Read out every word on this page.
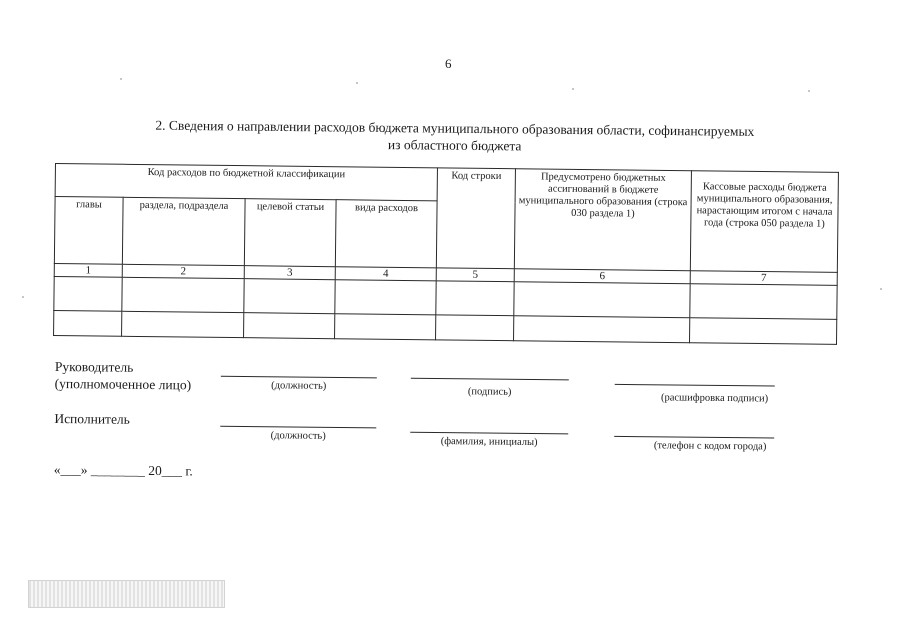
6
2. Сведения о направлении расходов бюджета муниципального образования области, софинансируемых
из областного бюджета
Код расходов по бюджетной классификации				Код строки	Предусмотрено бюджетных ассигнований в бюджете муниципального образования (строка 030 раздела 1)	Кассовые расходы бюджета муниципального образования, нарастающим итогом с начала года (строка 050 раздела 1)
главы	раздела, подраздела	целевой статьи	вида расходов			
1	2	3	4	5	6	7

Руководитель
(уполномоченное лицо)	(должность)
(подпись)
(расшифровка подписи)
Исполнитель
(должность)	(фамилия, инициалы)	(телефон с кодом города)
«___» ________ 20___ г.
